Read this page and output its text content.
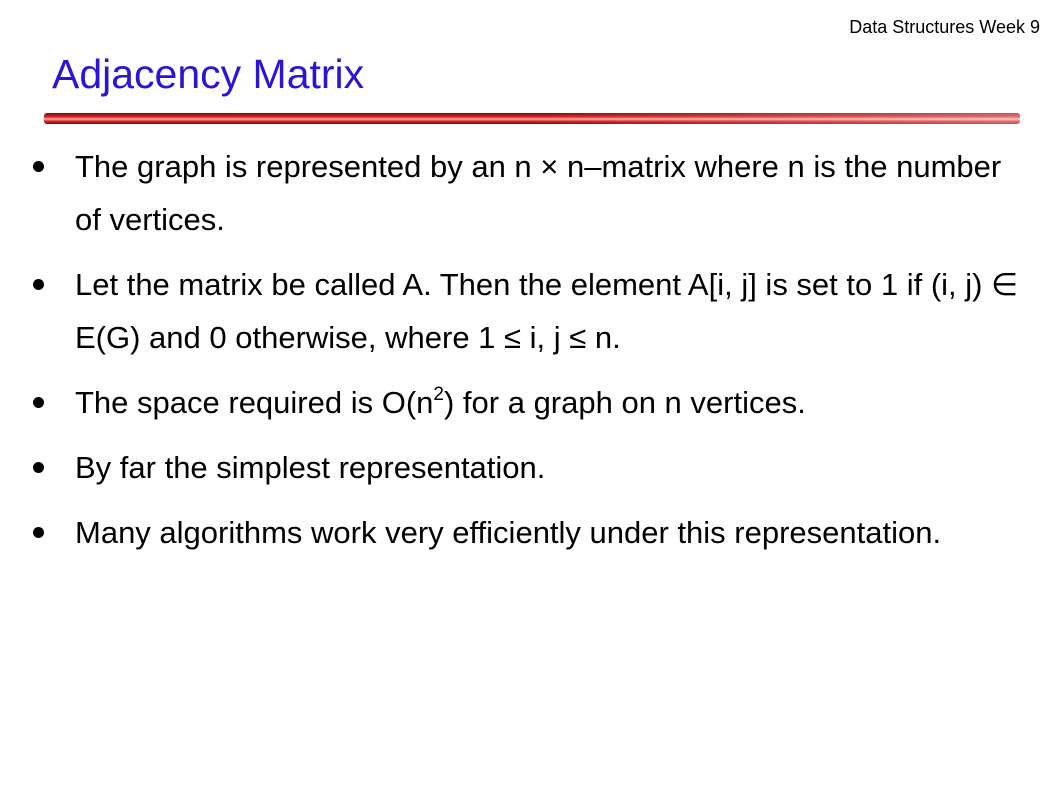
Data Structures Week 9
Adjacency Matrix
The graph is represented by an n × n–matrix where n is the number of vertices.
Let the matrix be called A. Then the element A[i, j] is set to 1 if (i, j) ∈ E(G) and 0 otherwise, where 1 ≤ i, j ≤ n.
The space required is $O(n^2)$ for a graph on n vertices.
By far the simplest representation.
Many algorithms work very efficiently under this representation.
